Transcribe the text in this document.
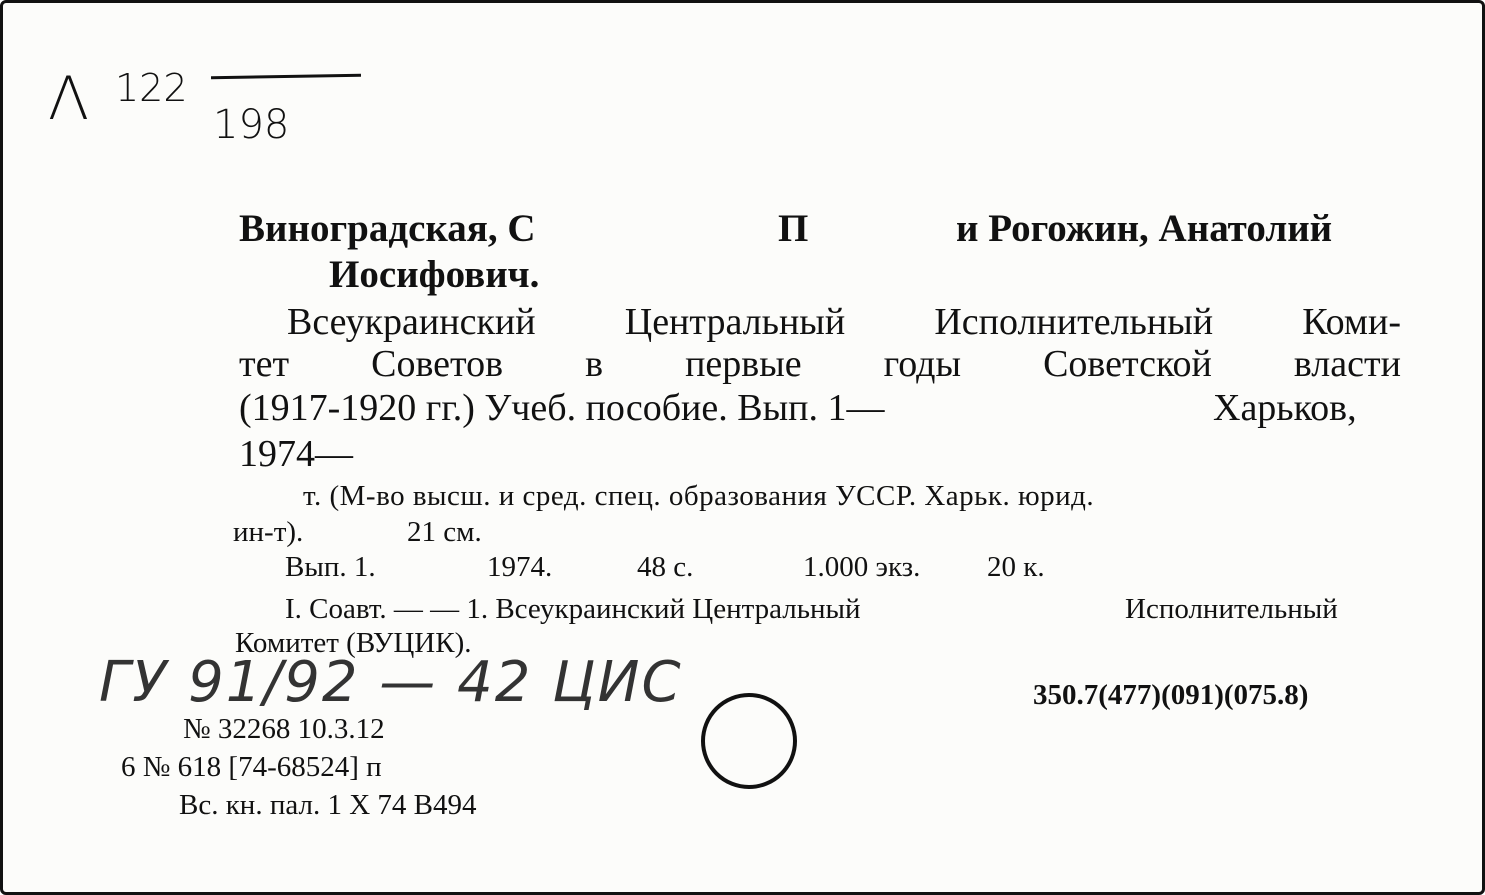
Λ 122
198
Виноградская, С	П	и Рогожин, Анатолий
Иосифович.
Всеукраинский Центральный Исполнительный Коми-
тет Советов в первые годы Советской власти
(1917-1920 гг.) Учеб. пособие. Вып. 1—	Харьков,
1974—
т. (М-во высш. и сред. спец. образования УССР. Харьк. юрид.
ин-т).	21 см.
Вып. 1.	1974.	48 с.	1.000 экз. 20 к.
I. Соавт. — — 1. Всеукраинский Центральный	Исполнительный
Комитет (ВУЦИК).
ГУ 91/92 — 42 ЦИС	350.7(477)(091)(075.8)
№ 32268 10.3.12
6 № 618 [74-68524] п
Вс. кн. пал. 1 X 74 В494
